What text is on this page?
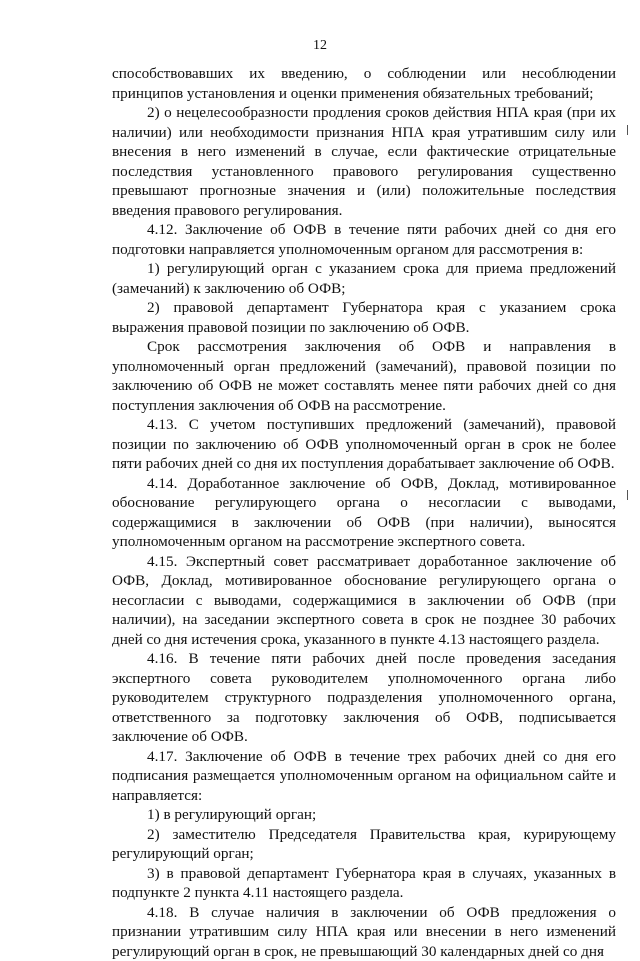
12

способствовавших их введению, о соблюдении или несоблюдении принципов установления и оценки применения обязательных требований;

2) о нецелесообразности продления сроков действия НПА края (при их наличии) или необходимости признания НПА края утратившим силу или внесения в него изменений в случае, если фактические отрицательные последствия установленного правового регулирования существенно превышают прогнозные значения и (или) положительные последствия введения правового регулирования.

4.12. Заключение об ОФВ в течение пяти рабочих дней со дня его подготовки направляется уполномоченным органом для рассмотрения в:

1) регулирующий орган с указанием срока для приема предложений (замечаний) к заключению об ОФВ;

2) правовой департамент Губернатора края с указанием срока выражения правовой позиции по заключению об ОФВ.

Срок рассмотрения заключения об ОФВ и направления в уполномоченный орган предложений (замечаний), правовой позиции по заключению об ОФВ не может составлять менее пяти рабочих дней со дня поступления заключения об ОФВ на рассмотрение.

4.13. С учетом поступивших предложений (замечаний), правовой позиции по заключению об ОФВ уполномоченный орган в срок не более пяти рабочих дней со дня их поступления дорабатывает заключение об ОФВ.

4.14. Доработанное заключение об ОФВ, Доклад, мотивированное обоснование регулирующего органа о несогласии с выводами, содержащимися в заключении об ОФВ (при наличии), выносятся уполномоченным органом на рассмотрение экспертного совета.

4.15. Экспертный совет рассматривает доработанное заключение об ОФВ, Доклад, мотивированное обоснование регулирующего органа о несогласии с выводами, содержащимися в заключении об ОФВ (при наличии), на заседании экспертного совета в срок не позднее 30 рабочих дней со дня истечения срока, указанного в пункте 4.13 настоящего раздела.

4.16. В течение пяти рабочих дней после проведения заседания экспертного совета руководителем уполномоченного органа либо руководителем структурного подразделения уполномоченного органа, ответственного за подготовку заключения об ОФВ, подписывается заключение об ОФВ.

4.17. Заключение об ОФВ в течение трех рабочих дней со дня его подписания размещается уполномоченным органом на официальном сайте и направляется:

1) в регулирующий орган;

2) заместителю Председателя Правительства края, курирующему регулирующий орган;

3) в правовой департамент Губернатора края в случаях, указанных в подпункте 2 пункта 4.11 настоящего раздела.

4.18. В случае наличия в заключении об ОФВ предложения о признании утратившим силу НПА края или внесении в него изменений регулирующий орган в срок, не превышающий 30 календарных дней со дня
